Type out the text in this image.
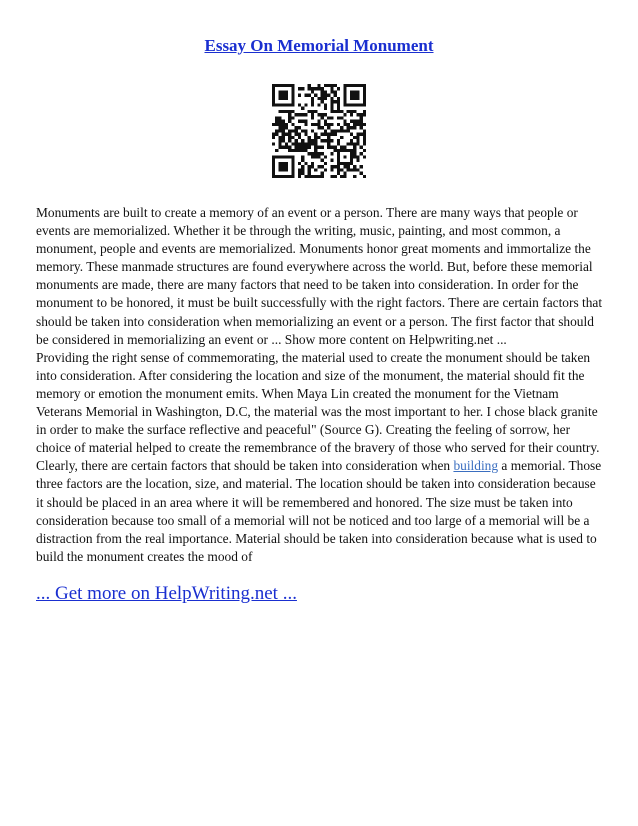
Essay On Memorial Monument

Monuments are built to create a memory of an event or a person. There are many ways that people or events are memorialized. Whether it be through the writing, music, painting, and most common, a monument, people and events are memorialized. Monuments honor great moments and immortalize the memory. These manmade structures are found everywhere across the world. But, before these memorial monuments are made, there are many factors that need to be taken into consideration. In order for the monument to be honored, it must be built successfully with the right factors. There are certain factors that should be taken into consideration when memorializing an event or a person. The first factor that should be considered in memorializing an event or ... Show more content on Helpwriting.net ...

Providing the right sense of commemorating, the material used to create the monument should be taken into consideration. After considering the location and size of the monument, the material should fit the memory or emotion the monument emits. When Maya Lin created the monument for the Vietnam Veterans Memorial in Washington, D.C, the material was the most important to her. I chose black granite in order to make the surface reflective and peaceful" (Source G). Creating the feeling of sorrow, her choice of material helped to create the remembrance of the bravery of those who served for their country. Clearly, there are certain factors that should be taken into consideration when building a memorial. Those three factors are the location, size, and material. The location should be taken into consideration because it should be placed in an area where it will be remembered and honored. The size must be taken into consideration because too small of a memorial will not be noticed and too large of a memorial will be a distraction from the real importance. Material should be taken into consideration because what is used to build the monument creates the mood of

... Get more on HelpWriting.net ...
